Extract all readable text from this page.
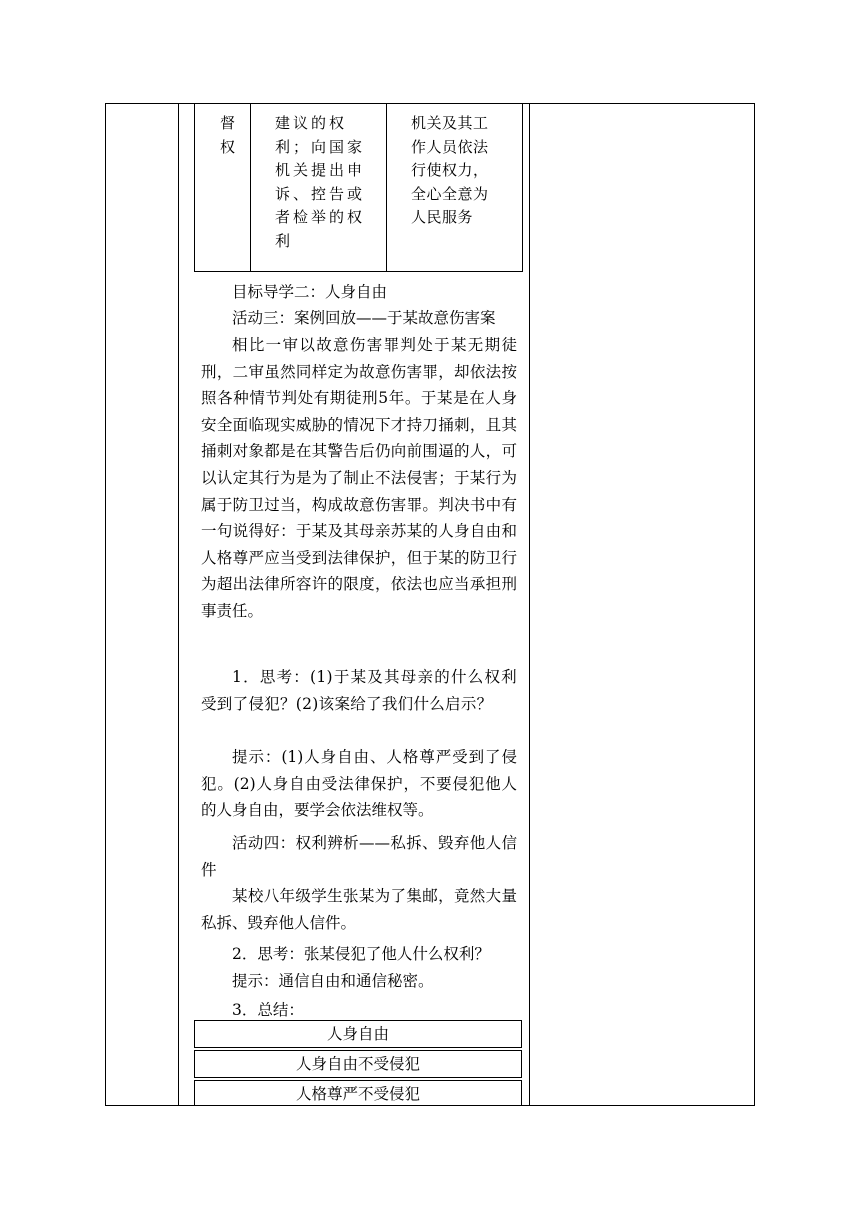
督权
建议的权利；向国家机关提出申诉、控告或者检举的权利
机关及其工作人员依法行使权力，全心全意为人民服务
目标导学二：人身自由
活动三：案例回放——于某故意伤害案
相比一审以故意伤害罪判处于某无期徒刑，二审虽然同样定为故意伤害罪，却依法按照各种情节判处有期徒刑5年。于某是在人身安全面临现实威胁的情况下才持刀捅刺，且其捅刺对象都是在其警告后仍向前围逼的人，可以认定其行为是为了制止不法侵害；于某行为属于防卫过当，构成故意伤害罪。判决书中有一句说得好：于某及其母亲苏某的人身自由和人格尊严应当受到法律保护，但于某的防卫行为超出法律所容许的限度，依法也应当承担刑事责任。
1．思考：(1)于某及其母亲的什么权利受到了侵犯？(2)该案给了我们什么启示？
提示：(1)人身自由、人格尊严受到了侵犯。(2)人身自由受法律保护，不要侵犯他人的人身自由，要学会依法维权等。
活动四：权利辨析——私拆、毁弃他人信件
某校八年级学生张某为了集邮，竟然大量私拆、毁弃他人信件。
2．思考：张某侵犯了他人什么权利？
提示：通信自由和通信秘密。
3．总结：
人身自由
人身自由不受侵犯
人格尊严不受侵犯
